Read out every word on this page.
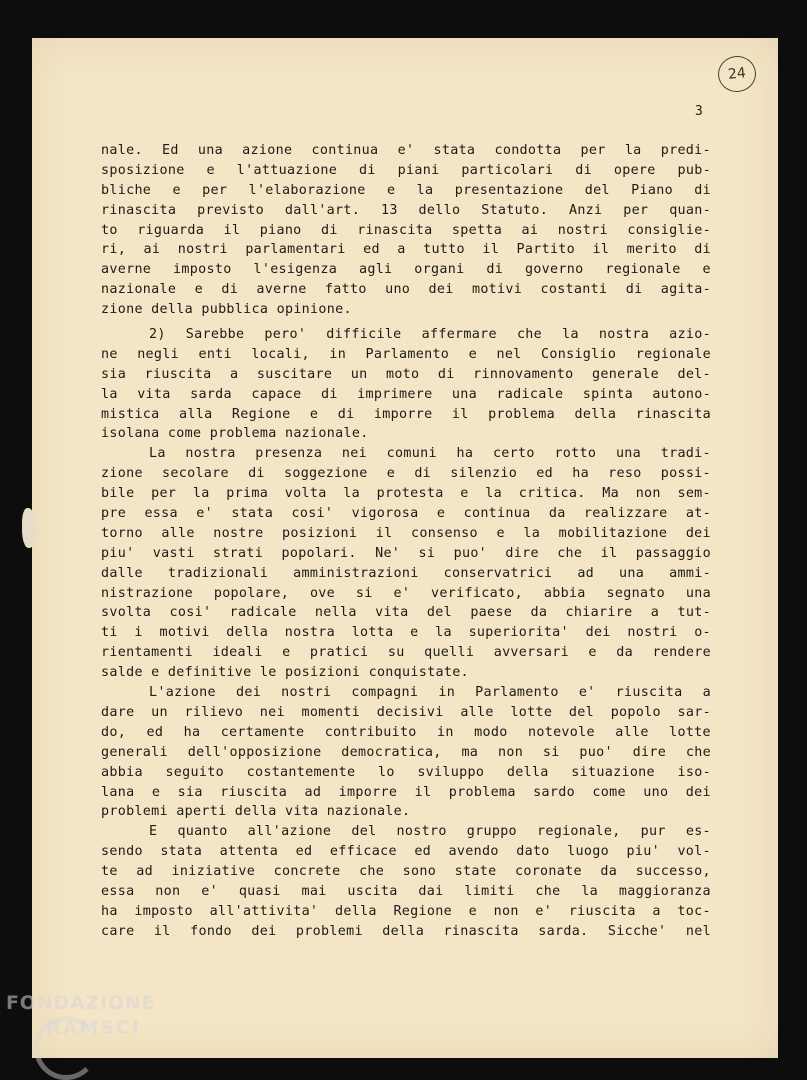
24
3
nale. Ed una azione continua e' stata condotta per la predi-
sposizione e l'attuazione di piani particolari di opere pub-
bliche e per l'elaborazione e la presentazione del Piano di
rinascita previsto dall'art. 13 dello Statuto. Anzi per quan-
to riguarda il piano di rinascita spetta ai nostri consiglie-
ri, ai nostri parlamentari ed a tutto il Partito il merito di
averne imposto l'esigenza agli organi di governo regionale e
nazionale e di averne fatto uno dei motivi costanti di agita-
zione della pubblica opinione.
2) Sarebbe pero' difficile affermare che la nostra azio-
ne negli enti locali, in Parlamento e nel Consiglio regionale
sia riuscita a suscitare un moto di rinnovamento generale del-
la vita sarda capace di imprimere una radicale spinta autono-
mistica alla Regione e di imporre il problema della rinascita
isolana come problema nazionale.
La nostra presenza nei comuni ha certo rotto una tradi-
zione secolare di soggezione e di silenzio ed ha reso possi-
bile per la prima volta la protesta e la critica. Ma non sem-
pre essa e' stata cosi' vigorosa e continua da realizzare at-
torno alle nostre posizioni il consenso e la mobilitazione dei
piu' vasti strati popolari. Ne' si puo' dire che il passaggio
dalle tradizionali amministrazioni conservatrici ad una ammi-
nistrazione popolare, ove si e' verificato, abbia segnato una
svolta cosi' radicale nella vita del paese da chiarire a tut-
ti i motivi della nostra lotta e la superiorita' dei nostri o-
rientamenti ideali e pratici su quelli avversari e da rendere
salde e definitive le posizioni conquistate.
L'azione dei nostri compagni in Parlamento e' riuscita a
dare un rilievo nei momenti decisivi alle lotte del popolo sar-
do, ed ha certamente contribuito in modo notevole alle lotte
generali dell'opposizione democratica, ma non si puo' dire che
abbia seguito costantemente lo sviluppo della situazione iso-
lana e sia riuscita ad imporre il problema sardo come uno dei
problemi aperti della vita nazionale.
E quanto all'azione del nostro gruppo regionale, pur es-
sendo stata attenta ed efficace ed avendo dato luogo piu' vol-
te ad iniziative concrete che sono state coronate da successo,
essa non e' quasi mai uscita dai limiti che la maggioranza
ha imposto all'attivita' della Regione e non e' riuscita a toc-
care il fondo dei problemi della rinascita sarda. Sicche' nel
FONDAZIONE
RAMSCI
